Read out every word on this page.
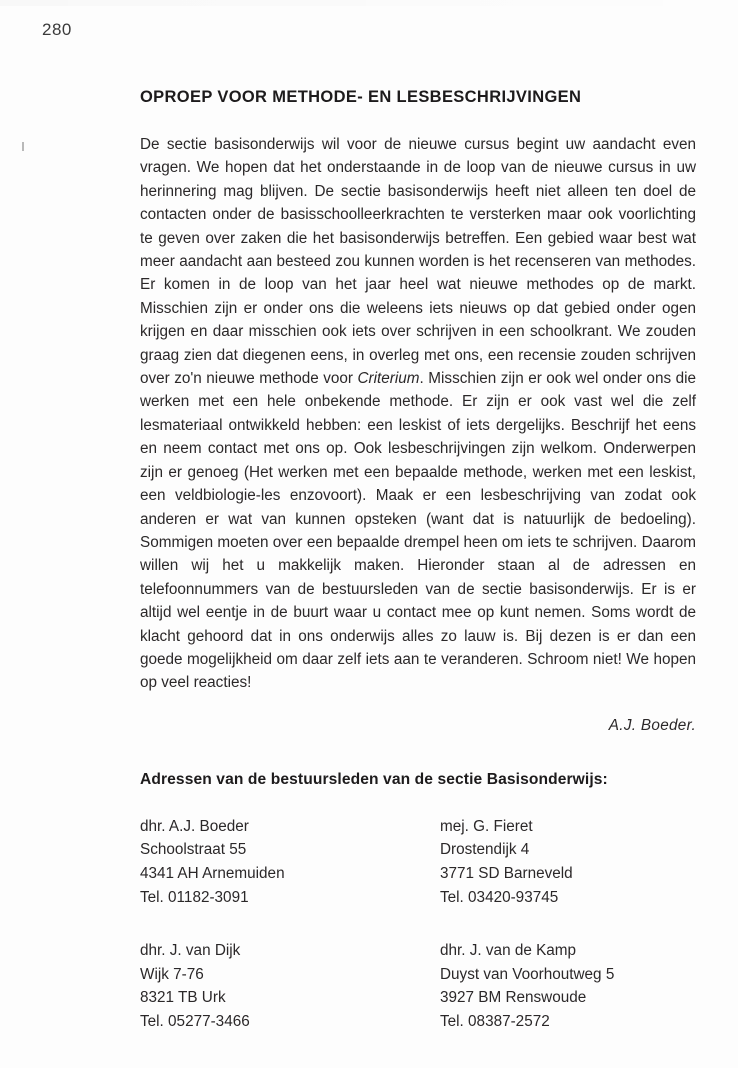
280
OPROEP VOOR METHODE- EN LESBESCHRIJVINGEN

De sectie basisonderwijs wil voor de nieuwe cursus begint uw aandacht even vragen. We hopen dat het onderstaande in de loop van de nieuwe cursus in uw herinnering mag blijven. De sectie basisonderwijs heeft niet alleen ten doel de contacten onder de basisschoolleerkrachten te versterken maar ook voorlichting te geven over zaken die het basisonderwijs betreffen. Een gebied waar best wat meer aandacht aan besteed zou kunnen worden is het recenseren van methodes. Er komen in de loop van het jaar heel wat nieuwe methodes op de markt. Misschien zijn er onder ons die weleens iets nieuws op dat gebied onder ogen krijgen en daar misschien ook iets over schrijven in een schoolkrant. We zouden graag zien dat diegenen eens, in overleg met ons, een recensie zouden schrijven over zo'n nieuwe methode voor Criterium. Misschien zijn er ook wel onder ons die werken met een hele onbekende methode. Er zijn er ook vast wel die zelf lesmateriaal ontwikkeld hebben: een leskist of iets dergelijks. Beschrijf het eens en neem contact met ons op. Ook lesbeschrijvingen zijn welkom. Onderwerpen zijn er genoeg (Het werken met een bepaalde methode, werken met een leskist, een veldbiologie-les enzovoort). Maak er een lesbeschrijving van zodat ook anderen er wat van kunnen opsteken (want dat is natuurlijk de bedoeling). Sommigen moeten over een bepaalde drempel heen om iets te schrijven. Daarom willen wij het u makkelijk maken. Hieronder staan al de adressen en telefoonnummers van de bestuursleden van de sectie basisonderwijs. Er is er altijd wel eentje in de buurt waar u contact mee op kunt nemen. Soms wordt de klacht gehoord dat in ons onderwijs alles zo lauw is. Bij dezen is er dan een goede mogelijkheid om daar zelf iets aan te veranderen. Schroom niet! We hopen op veel reacties!

A.J. Boeder.
Adressen van de bestuursleden van de sectie Basisonderwijs:
dhr. A.J. Boeder
Schoolstraat 55
4341 AH Arnemuiden
Tel. 01182-3091
mej. G. Fieret
Drostendijk 4
3771 SD Barneveld
Tel. 03420-93745
dhr. J. van Dijk
Wijk 7-76
8321 TB Urk
Tel. 05277-3466
dhr. J. van de Kamp
Duyst van Voorhoutweg 5
3927 BM Renswoude
Tel. 08387-2572
